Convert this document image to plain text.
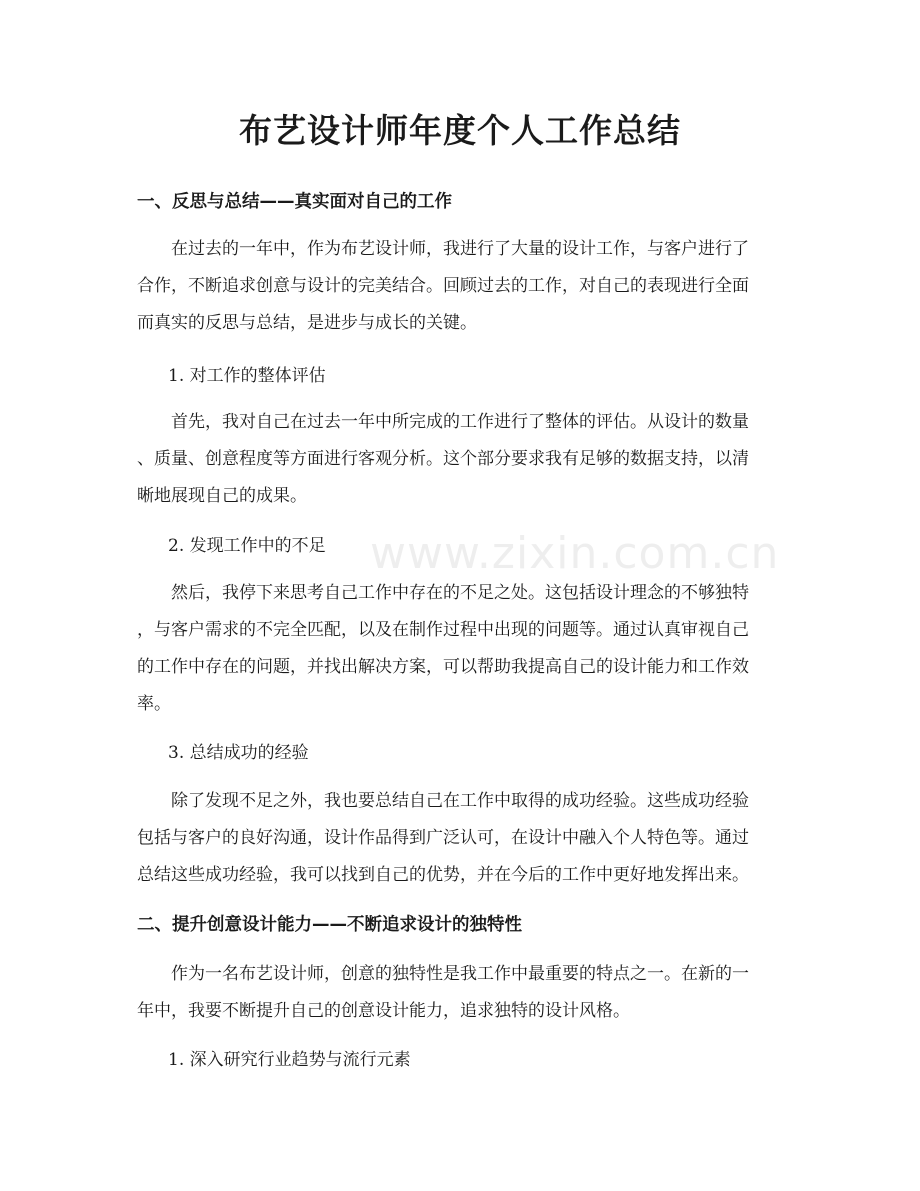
www.zixin.com.cn
布艺设计师年度个人工作总结
一、反思与总结——真实面对自己的工作
在过去的一年中，作为布艺设计师，我进行了大量的设计工作，与客户进行了
合作，不断追求创意与设计的完美结合。回顾过去的工作，对自己的表现进行全面
而真实的反思与总结，是进步与成长的关键。
1. 对工作的整体评估
首先，我对自己在过去一年中所完成的工作进行了整体的评估。从设计的数量
、质量、创意程度等方面进行客观分析。这个部分要求我有足够的数据支持，以清
晰地展现自己的成果。
2. 发现工作中的不足
然后，我停下来思考自己工作中存在的不足之处。这包括设计理念的不够独特
，与客户需求的不完全匹配，以及在制作过程中出现的问题等。通过认真审视自己
的工作中存在的问题，并找出解决方案，可以帮助我提高自己的设计能力和工作效
率。
3. 总结成功的经验
除了发现不足之外，我也要总结自己在工作中取得的成功经验。这些成功经验
包括与客户的良好沟通，设计作品得到广泛认可，在设计中融入个人特色等。通过
总结这些成功经验，我可以找到自己的优势，并在今后的工作中更好地发挥出来。
二、提升创意设计能力——不断追求设计的独特性
作为一名布艺设计师，创意的独特性是我工作中最重要的特点之一。在新的一
年中，我要不断提升自己的创意设计能力，追求独特的设计风格。
1. 深入研究行业趋势与流行元素
